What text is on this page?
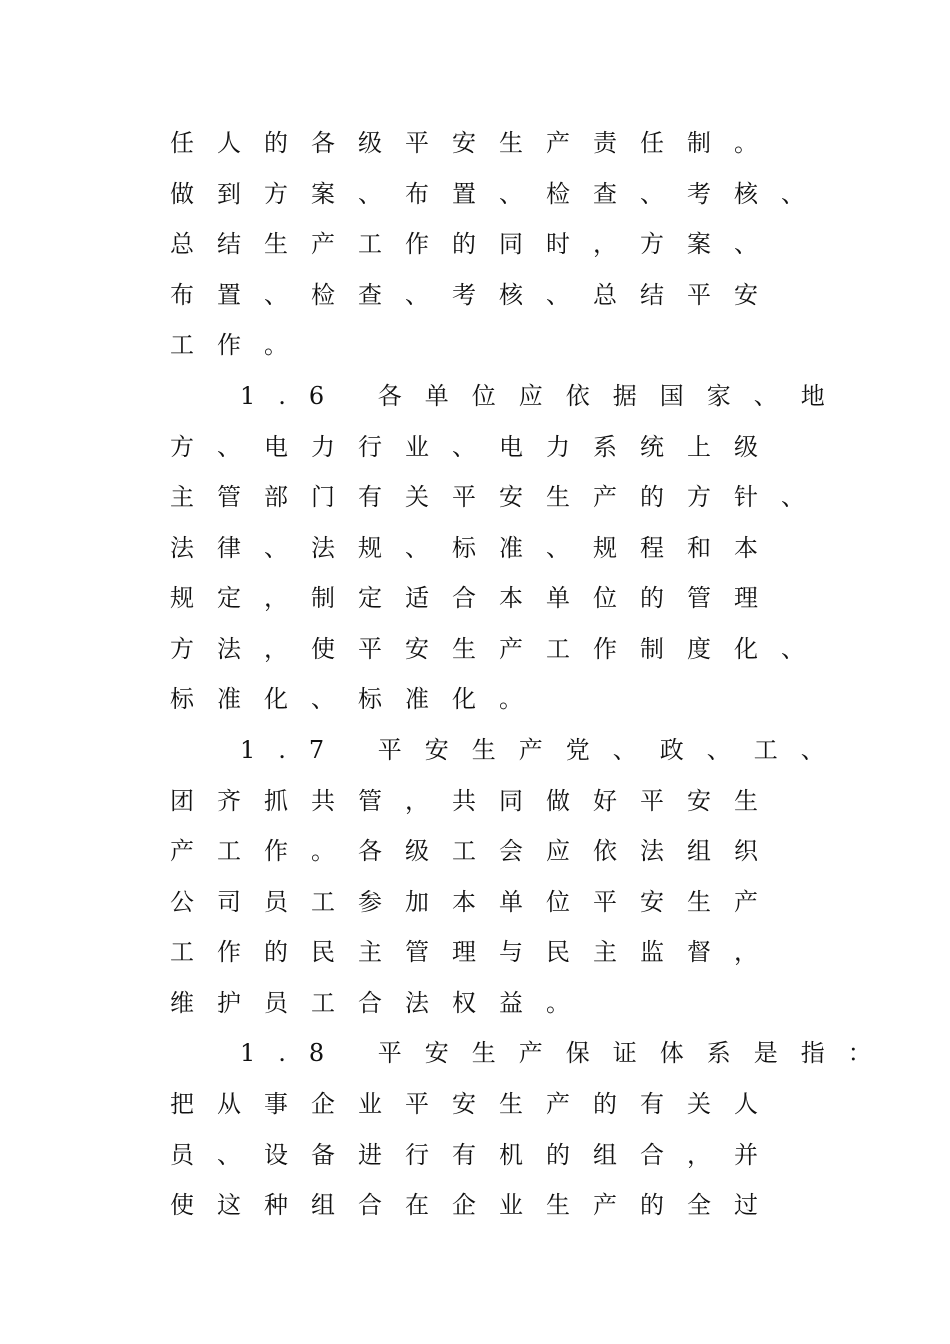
任人的各级平安生产责任制。
做到方案、布置、检查、考核、
总结生产工作的同时，方案、
布置、检查、考核、总结平安
工作。
1.6 各单位应依据国家、地
方、电力行业、电力系统上级
主管部门有关平安生产的方针、
法律、法规、标准、规程和本
规定，制定适合本单位的管理
方法，使平安生产工作制度化、
标准化、标准化。
1.7 平安生产党、政、工、
团齐抓共管，共同做好平安生
产工作。各级工会应依法组织
公司员工参加本单位平安生产
工作的民主管理与民主监督，
维护员工合法权益。
1.8 平安生产保证体系是指：
把从事企业平安生产的有关人
员、设备进行有机的组合，并
使这种组合在企业生产的全过
